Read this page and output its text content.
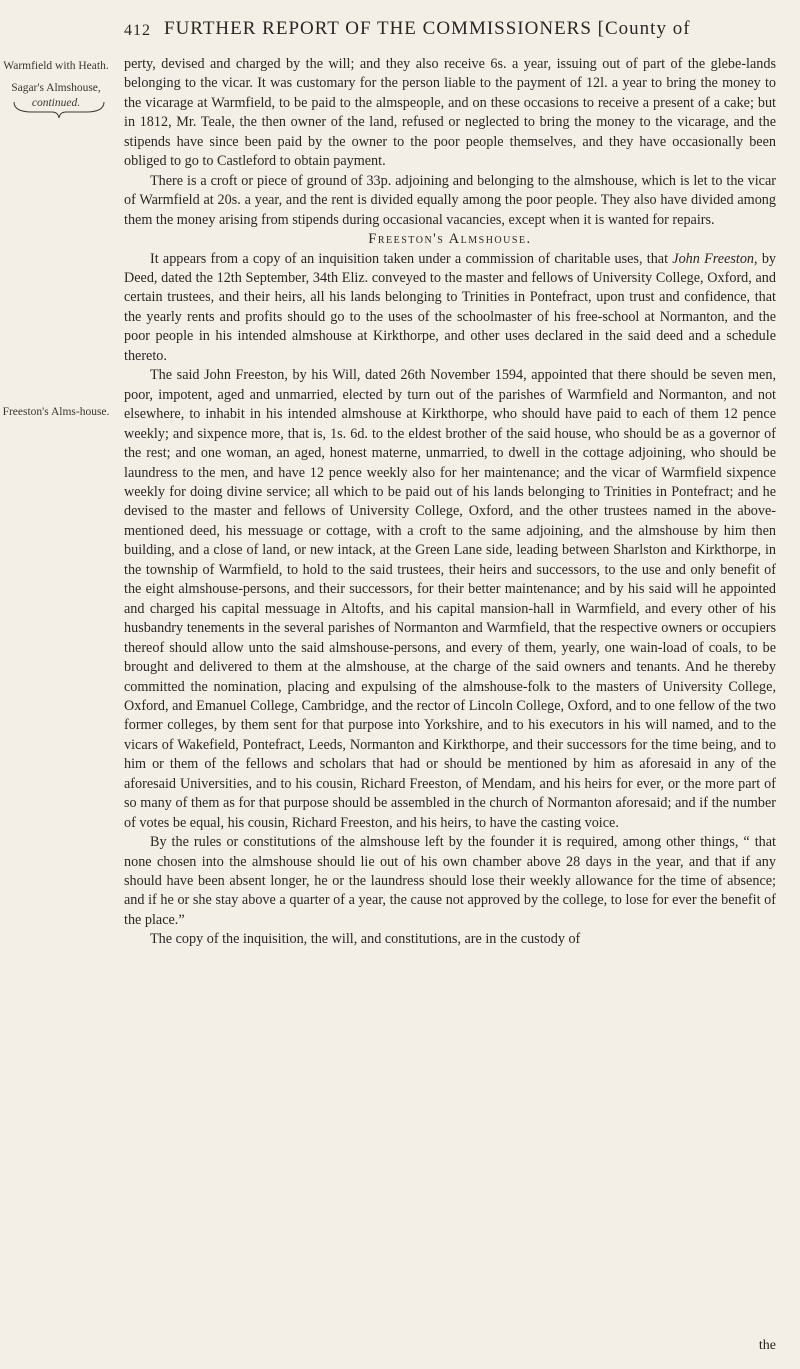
412 FURTHER REPORT OF THE COMMISSIONERS [County of
Warmfield with Heath.
Sagar's Almshouse,
continued.
Freeston's Alms-house.

perty, devised and charged by the will; and they also receive 6s. a year, issuing out of part of the glebe-lands belonging to the vicar. It was customary for the person liable to the payment of 12l. a year to bring the money to the vicarage at Warmfield, to be paid to the almspeople, and on these occasions to receive a present of a cake; but in 1812, Mr. Teale, the then owner of the land, refused or neglected to bring the money to the vicarage, and the stipends have since been paid by the owner to the poor people themselves, and they have occasionally been obliged to go to Castleford to obtain payment.

There is a croft or piece of ground of 33p. adjoining and belonging to the almshouse, which is let to the vicar of Warmfield at 20s. a year, and the rent is divided equally among the poor people. They also have divided among them the money arising from stipends during occasional vacancies, except when it is wanted for repairs.

Freeston's Almshouse.

It appears from a copy of an inquisition taken under a commission of charitable uses, that John Freeston, by Deed, dated the 12th September, 34th Eliz. conveyed to the master and fellows of University College, Oxford, and certain trustees, and their heirs, all his lands belonging to Trinities in Pontefract, upon trust and confidence, that the yearly rents and profits should go to the uses of the schoolmaster of his free-school at Normanton, and the poor people in his intended almshouse at Kirkthorpe, and other uses declared in the said deed and a schedule thereto.

The said John Freeston, by his Will, dated 26th November 1594, appointed that there should be seven men, poor, impotent, aged and unmarried, elected by turn out of the parishes of Warmfield and Normanton, and not elsewhere, to inhabit in his intended almshouse at Kirkthorpe, who should have paid to each of them 12 pence weekly; and sixpence more, that is, 1s. 6d. to the eldest brother of the said house, who should be as a governor of the rest; and one woman, an aged, honest materne, unmarried, to dwell in the cottage adjoining, who should be laundress to the men, and have 12 pence weekly also for her maintenance; and the vicar of Warmfield sixpence weekly for doing divine service; all which to be paid out of his lands belonging to Trinities in Pontefract; and he devised to the master and fellows of University College, Oxford, and the other trustees named in the above-mentioned deed, his messuage or cottage, with a croft to the same adjoining, and the almshouse by him then building, and a close of land, or new intack, at the Green Lane side, leading between Sharlston and Kirkthorpe, in the township of Warmfield, to hold to the said trustees, their heirs and successors, to the use and only benefit of the eight almshouse-persons, and their successors, for their better maintenance; and by his said will he appointed and charged his capital messuage in Altofts, and his capital mansion-hall in Warmfield, and every other of his husbandry tenements in the several parishes of Normanton and Warmfield, that the respective owners or occupiers thereof should allow unto the said almshouse-persons, and every of them, yearly, one wain-load of coals, to be brought and delivered to them at the almshouse, at the charge of the said owners and tenants. And he thereby committed the nomination, placing and expulsing of the almshouse-folk to the masters of University College, Oxford, and Emanuel College, Cambridge, and the rector of Lincoln College, Oxford, and to one fellow of the two former colleges, by them sent for that purpose into Yorkshire, and to his executors in his will named, and to the vicars of Wakefield, Pontefract, Leeds, Normanton and Kirkthorpe, and their successors for the time being, and to him or them of the fellows and scholars that had or should be mentioned by him as aforesaid in any of the aforesaid Universities, and to his cousin, Richard Freeston, of Mendam, and his heirs for ever, or the more part of so many of them as for that purpose should be assembled in the church of Normanton aforesaid; and if the number of votes be equal, his cousin, Richard Freeston, and his heirs, to have the casting voice.

By the rules or constitutions of the almshouse left by the founder it is required, among other things, “ that none chosen into the almshouse should lie out of his own chamber above 28 days in the year, and that if any should have been absent longer, he or the laundress should lose their weekly allowance for the time of absence; and if he or she stay above a quarter of a year, the cause not approved by the college, to lose for ever the benefit of the place.”

The copy of the inquisition, the will, and constitutions, are in the custody of

the
